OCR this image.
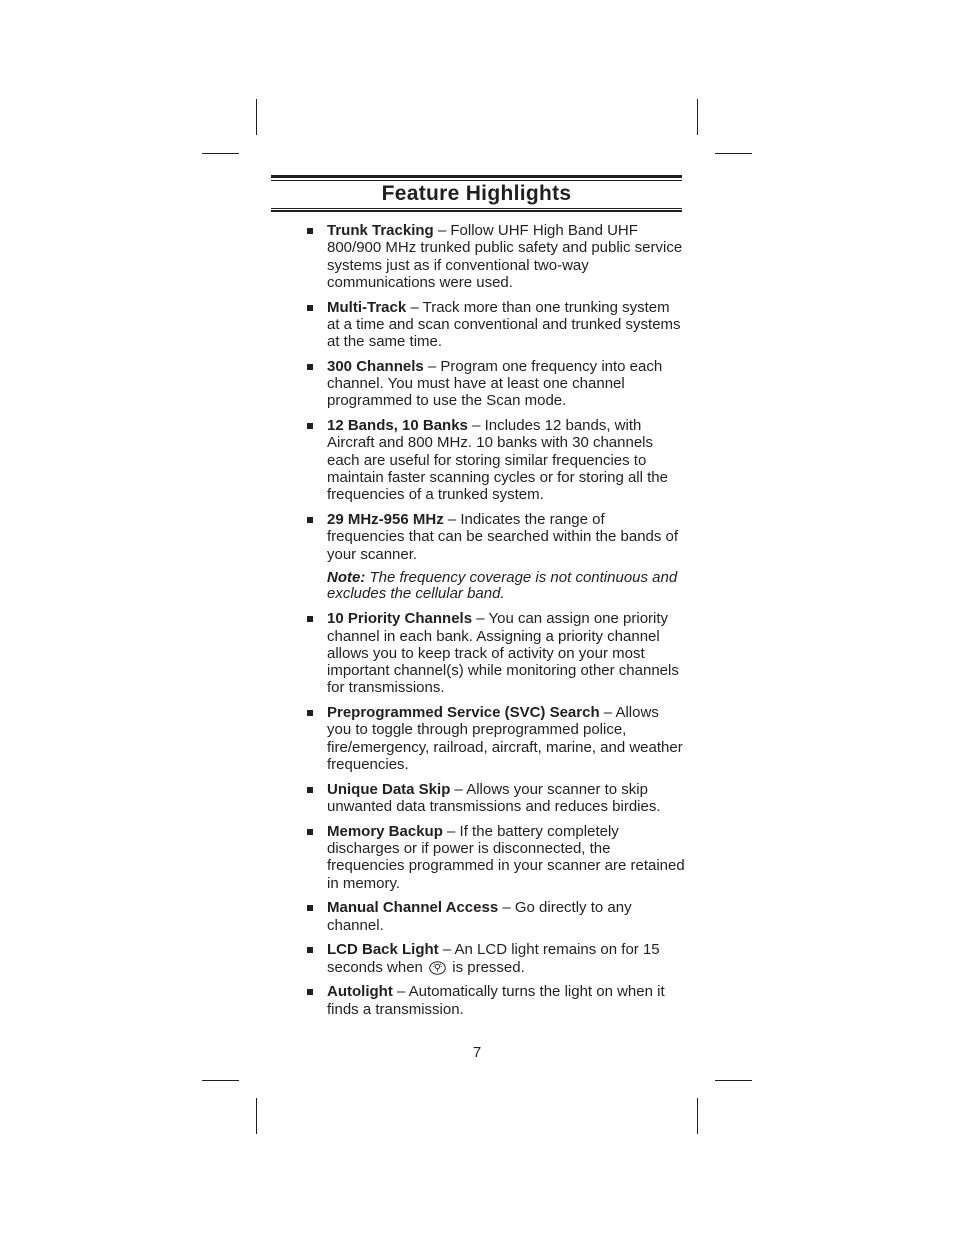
Feature Highlights
Trunk Tracking – Follow UHF High Band UHF 800/900 MHz trunked public safety and public service systems just as if conventional two-way communications were used.
Multi-Track – Track more than one trunking system at a time and scan conventional and trunked systems at the same time.
300 Channels – Program one frequency into each channel. You must have at least one channel programmed to use the Scan mode.
12 Bands, 10 Banks – Includes 12 bands, with Aircraft and 800 MHz. 10 banks with 30 channels each are useful for storing similar frequencies to maintain faster scanning cycles or for storing all the frequencies of a trunked system.
29 MHz-956 MHz – Indicates the range of frequencies that can be searched within the bands of your scanner.
Note: The frequency coverage is not continuous and excludes the cellular band.
10 Priority Channels – You can assign one priority channel in each bank. Assigning a priority channel allows you to keep track of activity on your most important channel(s) while monitoring other channels for transmissions.
Preprogrammed Service (SVC) Search – Allows you to toggle through preprogrammed police, fire/emergency, railroad, aircraft, marine, and weather frequencies.
Unique Data Skip – Allows your scanner to skip unwanted data transmissions and reduces birdies.
Memory Backup – If the battery completely discharges or if power is disconnected, the frequencies programmed in your scanner are retained in memory.
Manual Channel Access – Go directly to any channel.
LCD Back Light – An LCD light remains on for 15 seconds when  is pressed.
Autolight – Automatically turns the light on when it finds a transmission.
7
